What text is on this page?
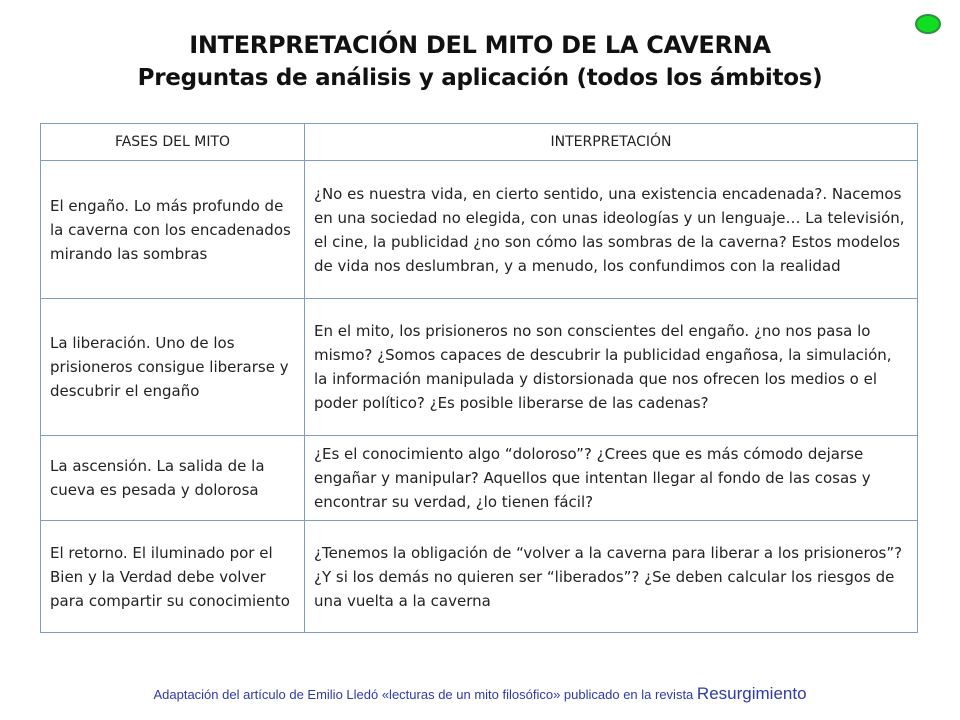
INTERPRETACIÓN DEL MITO DE LA CAVERNA
Preguntas de análisis y aplicación (todos los ámbitos)
FASES DEL MITO	INTERPRETACIÓN
El engaño. Lo más profundo de la caverna con los encadenados mirando las sombras	¿No es nuestra vida, en cierto sentido, una existencia encadenada?. Nacemos en una sociedad no elegida, con unas ideologías y un lenguaje… La televisión, el cine, la publicidad ¿no son cómo las sombras de la caverna? Estos modelos de vida nos deslumbran, y a menudo, los confundimos con la realidad
La liberación. Uno de los prisioneros consigue liberarse y descubrir el engaño	En el mito, los prisioneros no son conscientes del engaño. ¿no nos pasa lo mismo? ¿Somos capaces de descubrir la publicidad engañosa, la simulación, la información manipulada y distorsionada que nos ofrecen los medios o el poder político? ¿Es posible liberarse de las cadenas?
La ascensión. La salida de la cueva es pesada y dolorosa	¿Es el conocimiento algo “doloroso”? ¿Crees que es más cómodo dejarse engañar y manipular? Aquellos que intentan llegar al fondo de las cosas y encontrar su verdad, ¿lo tienen fácil?
El retorno. El iluminado por el Bien y la Verdad debe volver para compartir su conocimiento	¿Tenemos la obligación de “volver a la caverna para liberar a los prisioneros”? ¿Y si los demás no quieren ser “liberados”? ¿Se deben calcular los riesgos de una vuelta a la caverna
Adaptación del artículo de Emilio Lledó «lecturas de un mito filosófico» publicado en la revista Resurgimiento
